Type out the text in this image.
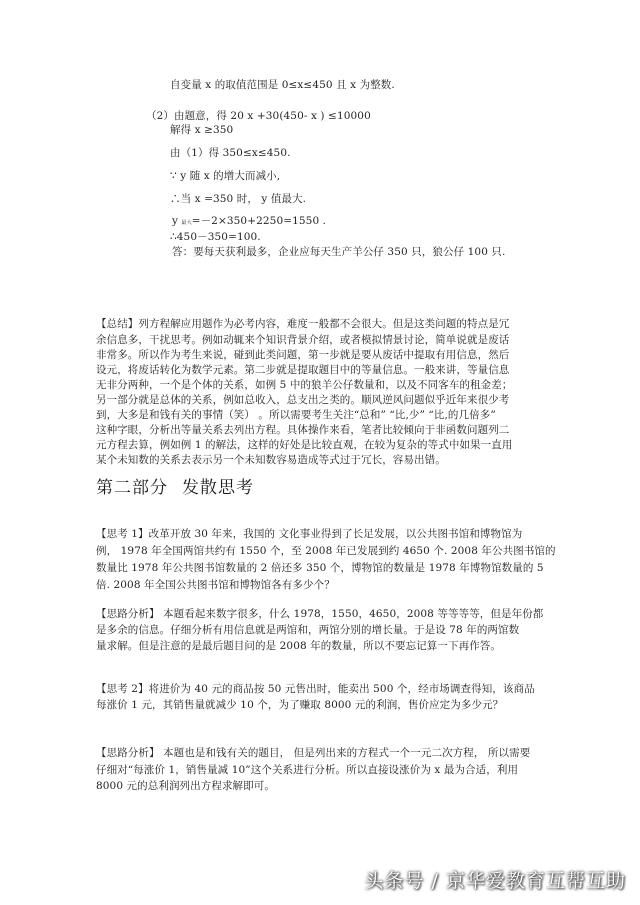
自变量 x 的取值范围是 0≤x≤450 且 x 为整数.
（2）由题意，得 20 x +30(450- x ) ≤10000
解得 x ≥350
由（1）得 350≤x≤450.
∵ y 随 x 的增大而减小,
∴当 x =350 时， y 值最大.
y 最大=－2×350+2250=1550 .
∴450－350=100.
答：要每天获利最多，企业应每天生产羊公仔 350 只，狼公仔 100 只.
【总结】列方程解应用题作为必考内容，难度一般都不会很大。但是这类问题的特点是冗
余信息多，干扰思考。例如动辄来个知识背景介绍，或者模拟情景讨论，简单说就是废话
非常多。所以作为考生来说，碰到此类问题，第一步就是要从废话中提取有用信息，然后
设元，将废话转化为数学元素。第二步就是提取题目中的等量信息。一般来讲，等量信息
无非分两种，一个是个体的关系，如例 5 中的狼羊公仔数量和，以及不同客车的租金差；
另一部分就是总体的关系，例如总收入，总支出之类的。顺风逆风问题似乎近年来很少考
到，大多是和钱有关的事情（笑） 。所以需要考生关注“总和” “比,少” “比,的几倍多”
这种字眼，分析出等量关系去列出方程。具体操作来看，笔者比较倾向于非函数问题列二
元方程去算，例如例 1 的解法，这样的好处是比较直观，在较为复杂的等式中如果一直用
某个未知数的关系去表示另一个未知数容易造成等式过于冗长，容易出错。
第二部分 发散思考
【思考 1】改革开放 30 年来，我国的 文化事业得到了长足发展，以公共图书馆和博物馆为
例， 1978 年全国两馆共约有 1550 个，至 2008 年已发展到约 4650 个. 2008 年公共图书馆的
数量比 1978 年公共图书馆数量的 2 倍还多 350 个，博物馆的数量是 1978 年博物馆数量的 5
倍. 2008 年全国公共图书馆和博物馆各有多少个？
【思路分析】 本题看起来数字很多，什么 1978，1550，4650，2008 等等等等，但是年份都
是多余的信息。仔细分析有用信息就是两馆和，两馆分别的增长量。于是设 78 年的两馆数
量求解。但是注意的是最后题目问的是 2008 年的数量，所以不要忘记算一下再作答。
【思考 2】将进价为 40 元的商品按 50 元售出时，能卖出 500 个，经市场调查得知，该商品
每涨价 1 元，其销售量就减少 10 个，为了赚取 8000 元的利润，售价应定为多少元？
【思路分析】 本题也是和钱有关的题目， 但是列出来的方程式一个一元二次方程， 所以需要
仔细对“每涨价 1，销售量减 10”这个关系进行分析。所以直接设涨价为 x 最为合适，利用
8000 元的总利润列出方程求解即可。
头条号 / 京华爱教育互帮互助
